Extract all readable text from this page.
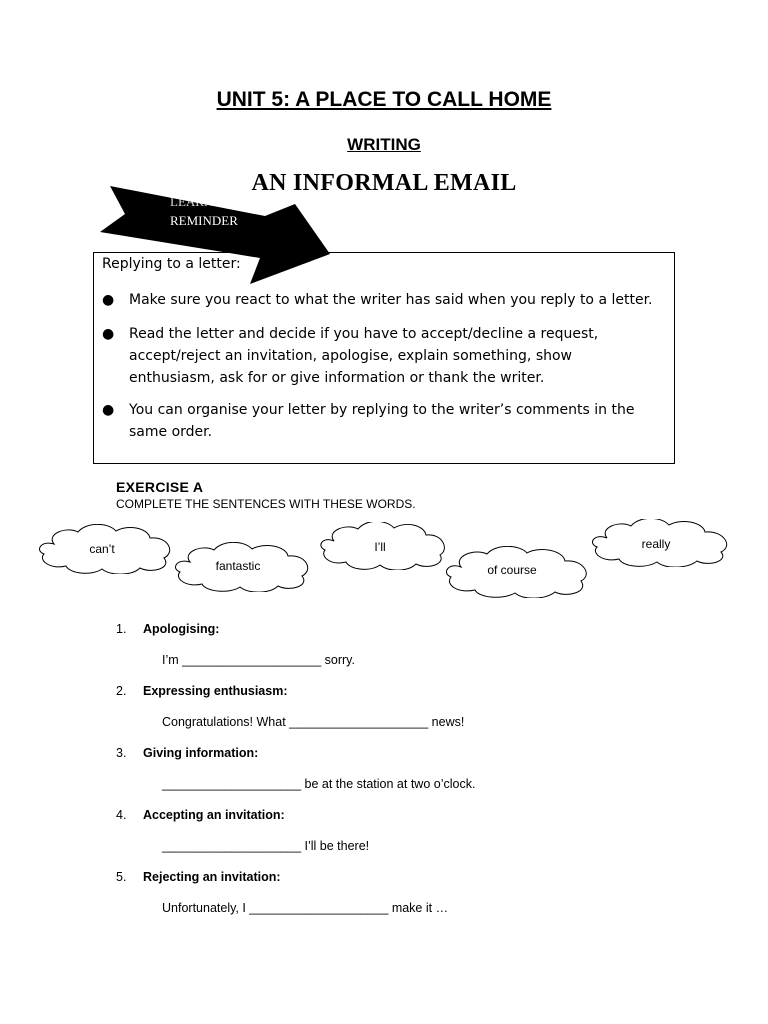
UNIT 5: A PLACE TO CALL HOME
WRITING
AN INFORMAL EMAIL
LEARNING
REMINDER
Replying to a letter:
● Make sure you react to what the writer has said when you reply to a letter.
● Read the letter and decide if you have to accept/decline a request, accept/reject an invitation, apologise, explain something, show enthusiasm, ask for or give information or thank the writer.
● You can organise your letter by replying to the writer’s comments in the same order.
EXERCISE A
COMPLETE THE SENTENCES WITH THESE WORDS.
can’t
fantastic
I’ll
of course
really
1. Apologising:
I’m ____________________ sorry.
2. Expressing enthusiasm:
Congratulations! What ____________________ news!
3. Giving information:
____________________ be at the station at two o’clock.
4. Accepting an invitation:
____________________ I’ll be there!
5. Rejecting an invitation:
Unfortunately, I ____________________ make it …
